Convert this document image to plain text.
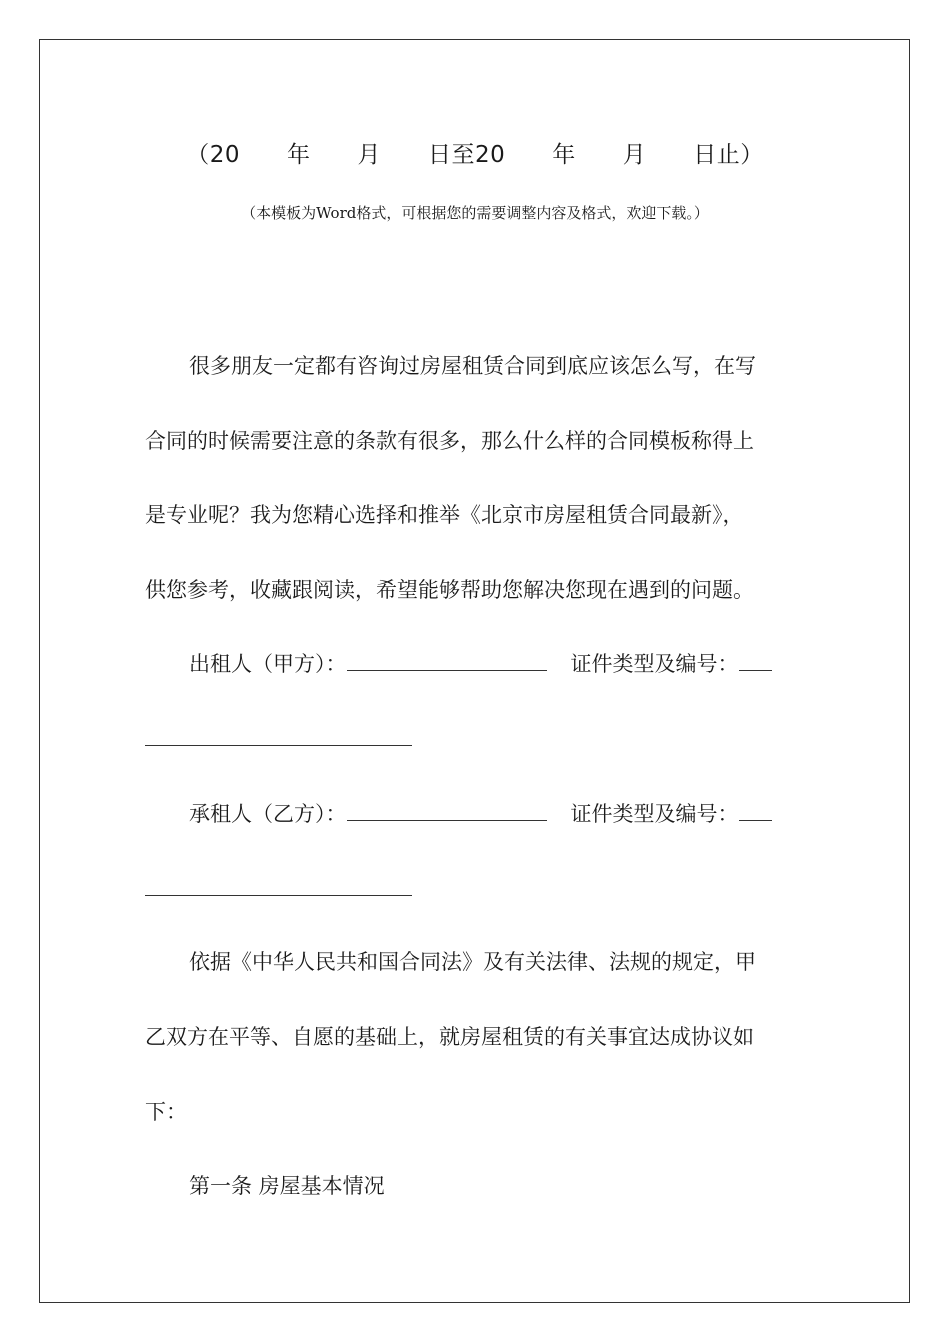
（20　　年　　月　　日至20　　年　　月　　日止）
（本模板为Word格式，可根据您的需要调整内容及格式，欢迎下载。）
很多朋友一定都有咨询过房屋租赁合同到底应该怎么写，在写
合同的时候需要注意的条款有很多，那么什么样的合同模板称得上
是专业呢？我为您精心选择和推举《北京市房屋租赁合同最新》，
供您参考，收藏跟阅读，希望能够帮助您解决您现在遇到的问题。
出租人（甲方）：	证件类型及编号：
承租人（乙方）：	证件类型及编号：
依据《中华人民共和国合同法》及有关法律、法规的规定，甲
乙双方在平等、自愿的基础上，就房屋租赁的有关事宜达成协议如
下：
第一条 房屋基本情况
